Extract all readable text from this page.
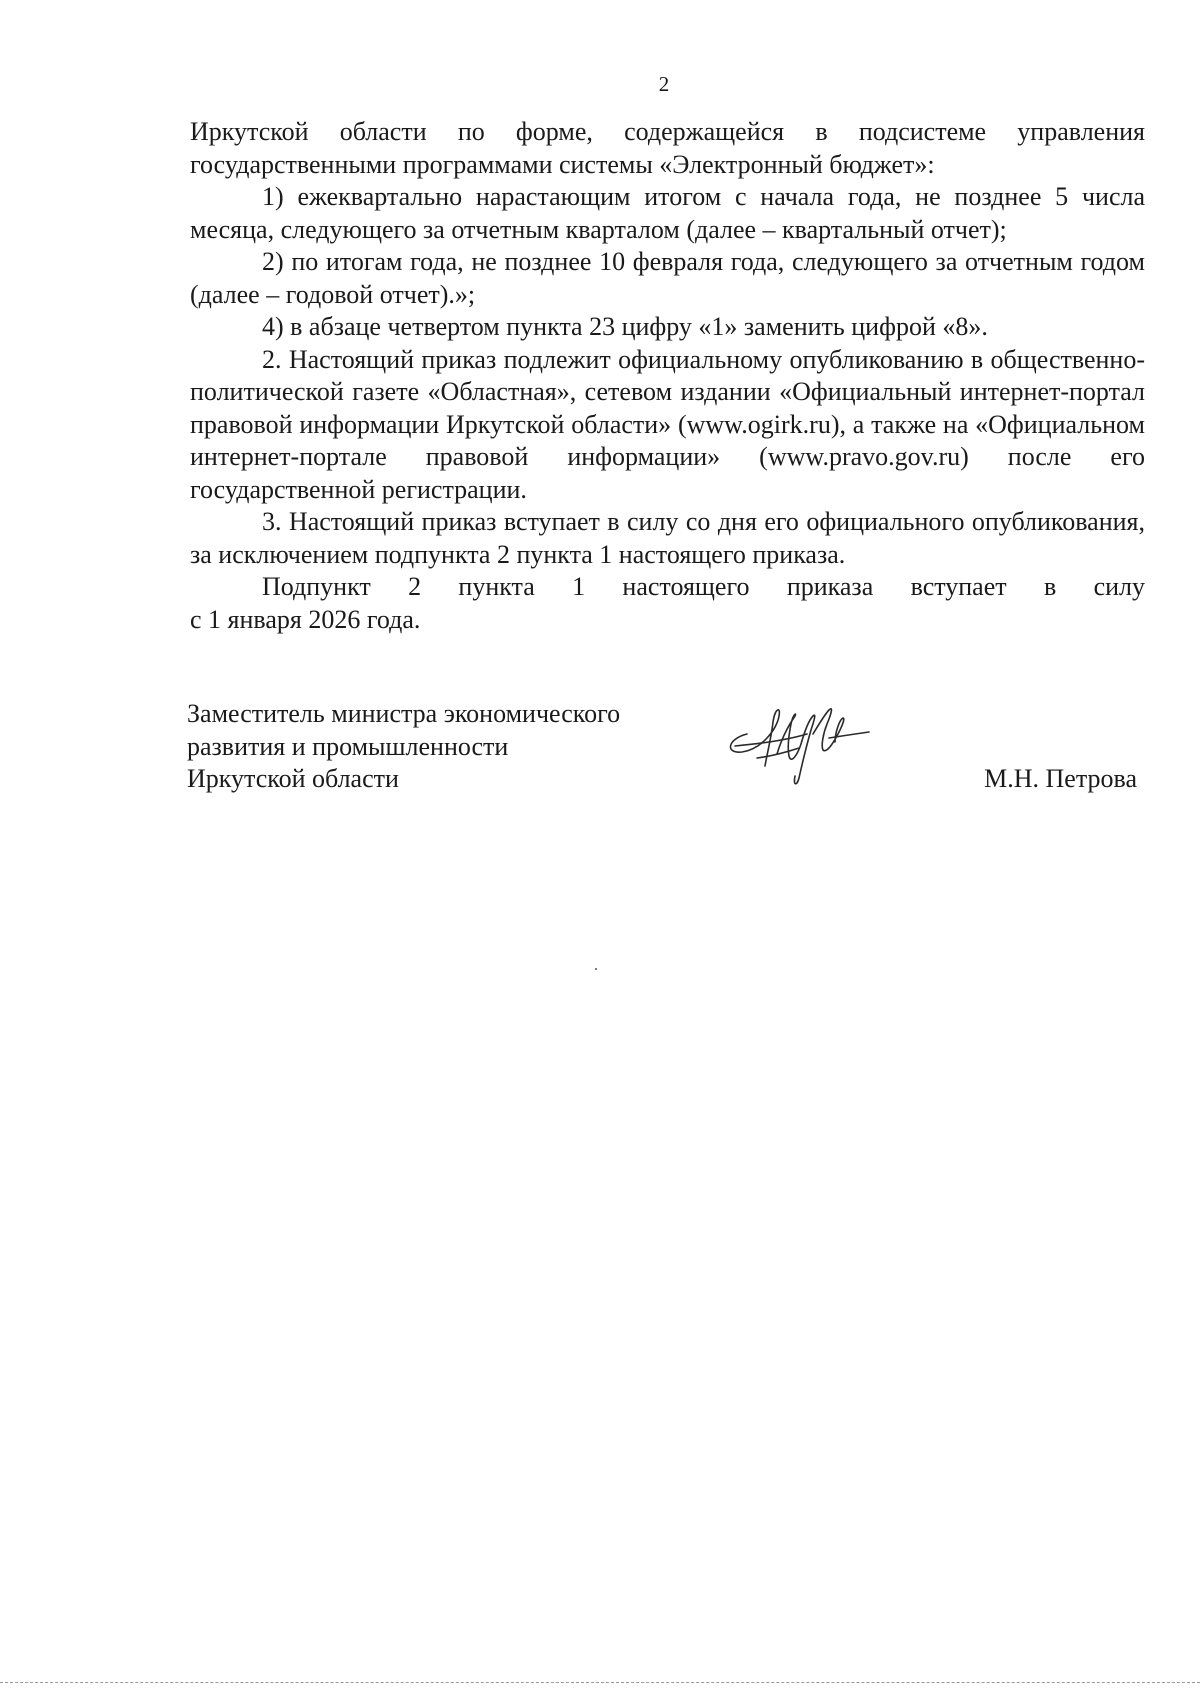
2

Иркутской области по форме, содержащейся в подсистеме управления государственными программами системы «Электронный бюджет»:

1) ежеквартально нарастающим итогом с начала года, не позднее 5 числа месяца, следующего за отчетным кварталом (далее – квартальный отчет);

2) по итогам года, не позднее 10 февраля года, следующего за отчетным годом (далее – годовой отчет).»;

4) в абзаце четвертом пункта 23 цифру «1» заменить цифрой «8».

2. Настоящий приказ подлежит официальному опубликованию в общественно-политической газете «Областная», сетевом издании «Официальный интернет-портал правовой информации Иркутской области» (www.ogirk.ru), а также на «Официальном интернет-портале правовой информации» (www.pravo.gov.ru) после его государственной регистрации.

3. Настоящий приказ вступает в силу со дня его официального опубликования, за исключением подпункта 2 пункта 1 настоящего приказа.

Подпункт 2 пункта 1 настоящего приказа вступает в силу

с 1 января 2026 года.

Заместитель министра экономического
развития и промышленности
Иркутской области	М.Н. Петрова
